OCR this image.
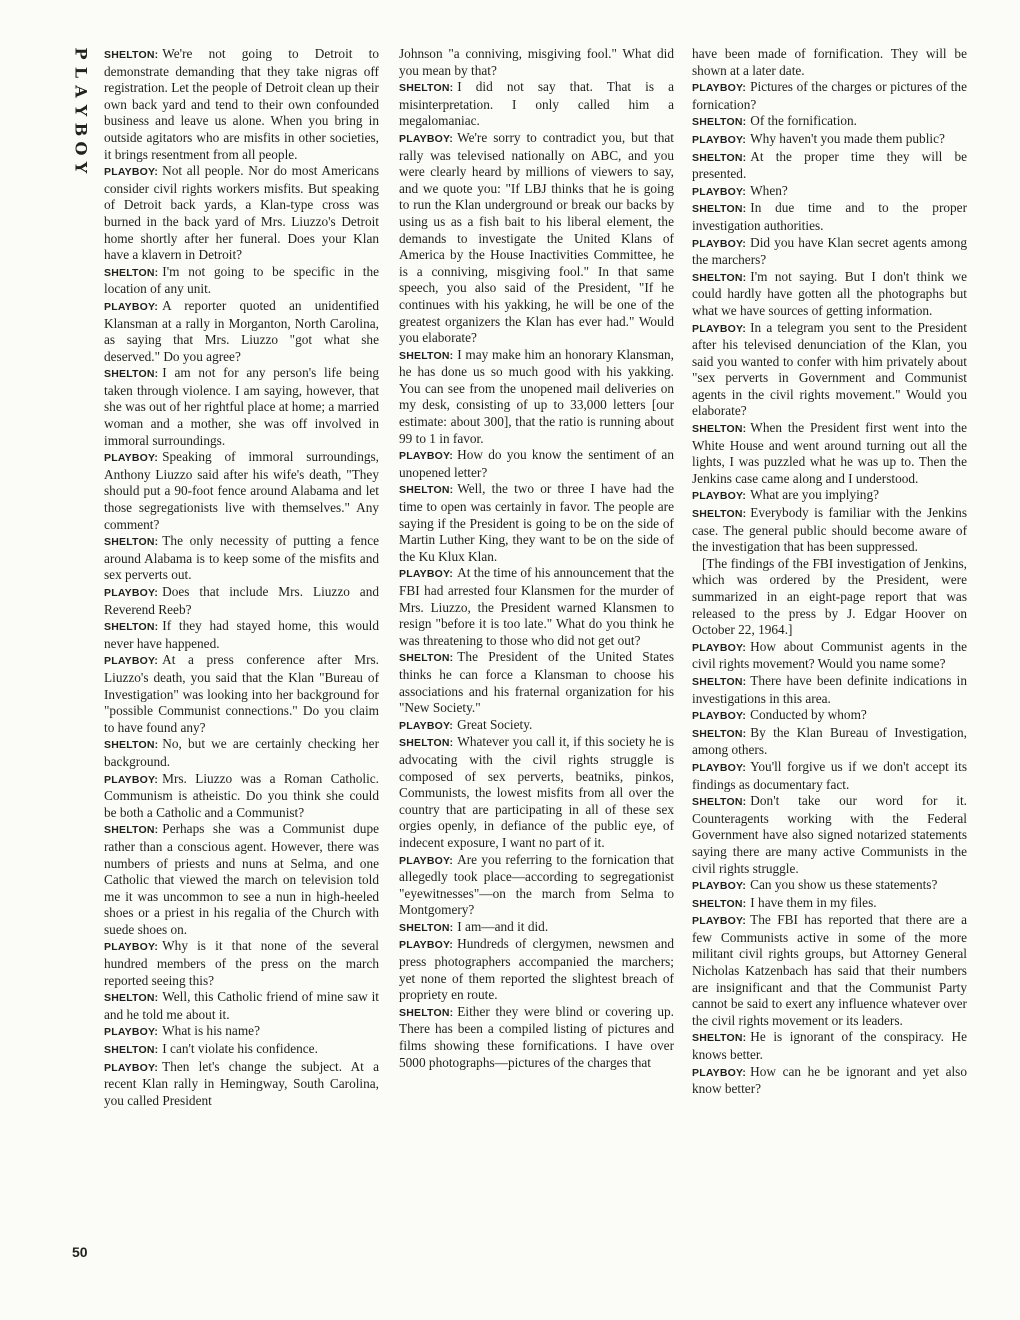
P
L
A
Y
B
O
Y
50

SHELTON: We're not going to Detroit to demonstrate demanding that they take nigras off registration. Let the people of Detroit clean up their own back yard and tend to their own confounded business and leave us alone. When you bring in outside agitators who are misfits in other societies, it brings resentment from all people.

PLAYBOY: Not all people. Nor do most Americans consider civil rights workers misfits. But speaking of Detroit back yards, a Klan-type cross was burned in the back yard of Mrs. Liuzzo's Detroit home shortly after her funeral. Does your Klan have a klavern in Detroit?

SHELTON: I'm not going to be specific in the location of any unit.

PLAYBOY: A reporter quoted an unidentified Klansman at a rally in Morganton, North Carolina, as saying that Mrs. Liuzzo "got what she deserved." Do you agree?

SHELTON: I am not for any person's life being taken through violence. I am saying, however, that she was out of her rightful place at home; a married woman and a mother, she was off involved in immoral surroundings.

PLAYBOY: Speaking of immoral surroundings, Anthony Liuzzo said after his wife's death, "They should put a 90-foot fence around Alabama and let those segregationists live with themselves." Any comment?

SHELTON: The only necessity of putting a fence around Alabama is to keep some of the misfits and sex perverts out.

PLAYBOY: Does that include Mrs. Liuzzo and Reverend Reeb?

SHELTON: If they had stayed home, this would never have happened.

PLAYBOY: At a press conference after Mrs. Liuzzo's death, you said that the Klan "Bureau of Investigation" was looking into her background for "possible Communist connections." Do you claim to have found any?

SHELTON: No, but we are certainly checking her background.

PLAYBOY: Mrs. Liuzzo was a Roman Catholic. Communism is atheistic. Do you think she could be both a Catholic and a Communist?

SHELTON: Perhaps she was a Communist dupe rather than a conscious agent. However, there was numbers of priests and nuns at Selma, and one Catholic that viewed the march on television told me it was uncommon to see a nun in high-heeled shoes or a priest in his regalia of the Church with suede shoes on.

PLAYBOY: Why is it that none of the several hundred members of the press on the march reported seeing this?

SHELTON: Well, this Catholic friend of mine saw it and he told me about it.

PLAYBOY: What is his name?

SHELTON: I can't violate his confidence.

PLAYBOY: Then let's change the subject. At a recent Klan rally in Hemingway, South Carolina, you called President

Johnson "a conniving, misgiving fool." What did you mean by that?

SHELTON: I did not say that. That is a misinterpretation. I only called him a megalomaniac.

PLAYBOY: We're sorry to contradict you, but that rally was televised nationally on ABC, and you were clearly heard by millions of viewers to say, and we quote you: "If LBJ thinks that he is going to run the Klan underground or break our backs by using us as a fish bait to his liberal element, the demands to investigate the United Klans of America by the House Inactivities Committee, he is a conniving, misgiving fool." In that same speech, you also said of the President, "If he continues with his yakking, he will be one of the greatest organizers the Klan has ever had." Would you elaborate?

SHELTON: I may make him an honorary Klansman, he has done us so much good with his yakking. You can see from the unopened mail deliveries on my desk, consisting of up to 33,000 letters [our estimate: about 300], that the ratio is running about 99 to 1 in favor.

PLAYBOY: How do you know the sentiment of an unopened letter?

SHELTON: Well, the two or three I have had the time to open was certainly in favor. The people are saying if the President is going to be on the side of Martin Luther King, they want to be on the side of the Ku Klux Klan.

PLAYBOY: At the time of his announcement that the FBI had arrested four Klansmen for the murder of Mrs. Liuzzo, the President warned Klansmen to resign "before it is too late." What do you think he was threatening to those who did not get out?

SHELTON: The President of the United States thinks he can force a Klansman to choose his associations and his fraternal organization for his "New Society."

PLAYBOY: Great Society.

SHELTON: Whatever you call it, if this society he is advocating with the civil rights struggle is composed of sex perverts, beatniks, pinkos, Communists, the lowest misfits from all over the country that are participating in all of these sex orgies openly, in defiance of the public eye, of indecent exposure, I want no part of it.

PLAYBOY: Are you referring to the fornication that allegedly took place—according to segregationist "eyewitnesses"—on the march from Selma to Montgomery?

SHELTON: I am—and it did.

PLAYBOY: Hundreds of clergymen, newsmen and press photographers accompanied the marchers; yet none of them reported the slightest breach of propriety en route.

SHELTON: Either they were blind or covering up. There has been a compiled listing of pictures and films showing these fornifications. I have over 5000 photographs—pictures of the charges that

have been made of fornification. They will be shown at a later date.

PLAYBOY: Pictures of the charges or pictures of the fornication?

SHELTON: Of the fornification.

PLAYBOY: Why haven't you made them public?

SHELTON: At the proper time they will be presented.

PLAYBOY: When?

SHELTON: In due time and to the proper investigation authorities.

PLAYBOY: Did you have Klan secret agents among the marchers?

SHELTON: I'm not saying. But I don't think we could hardly have gotten all the photographs but what we have sources of getting information.

PLAYBOY: In a telegram you sent to the President after his televised denunciation of the Klan, you said you wanted to confer with him privately about "sex perverts in Government and Communist agents in the civil rights movement." Would you elaborate?

SHELTON: When the President first went into the White House and went around turning out all the lights, I was puzzled what he was up to. Then the Jenkins case came along and I understood.

PLAYBOY: What are you implying?

SHELTON: Everybody is familiar with the Jenkins case. The general public should become aware of the investigation that has been suppressed.

[The findings of the FBI investigation of Jenkins, which was ordered by the President, were summarized in an eight-page report that was released to the press by J. Edgar Hoover on October 22, 1964.]

PLAYBOY: How about Communist agents in the civil rights movement? Would you name some?

SHELTON: There have been definite indications in investigations in this area.

PLAYBOY: Conducted by whom?

SHELTON: By the Klan Bureau of Investigation, among others.

PLAYBOY: You'll forgive us if we don't accept its findings as documentary fact.

SHELTON: Don't take our word for it. Counteragents working with the Federal Government have also signed notarized statements saying there are many active Communists in the civil rights struggle.

PLAYBOY: Can you show us these statements?

SHELTON: I have them in my files.

PLAYBOY: The FBI has reported that there are a few Communists active in some of the more militant civil rights groups, but Attorney General Nicholas Katzenbach has said that their numbers are insignificant and that the Communist Party cannot be said to exert any influence whatever over the civil rights movement or its leaders.

SHELTON: He is ignorant of the conspiracy. He knows better.

PLAYBOY: How can he be ignorant and yet also know better?
